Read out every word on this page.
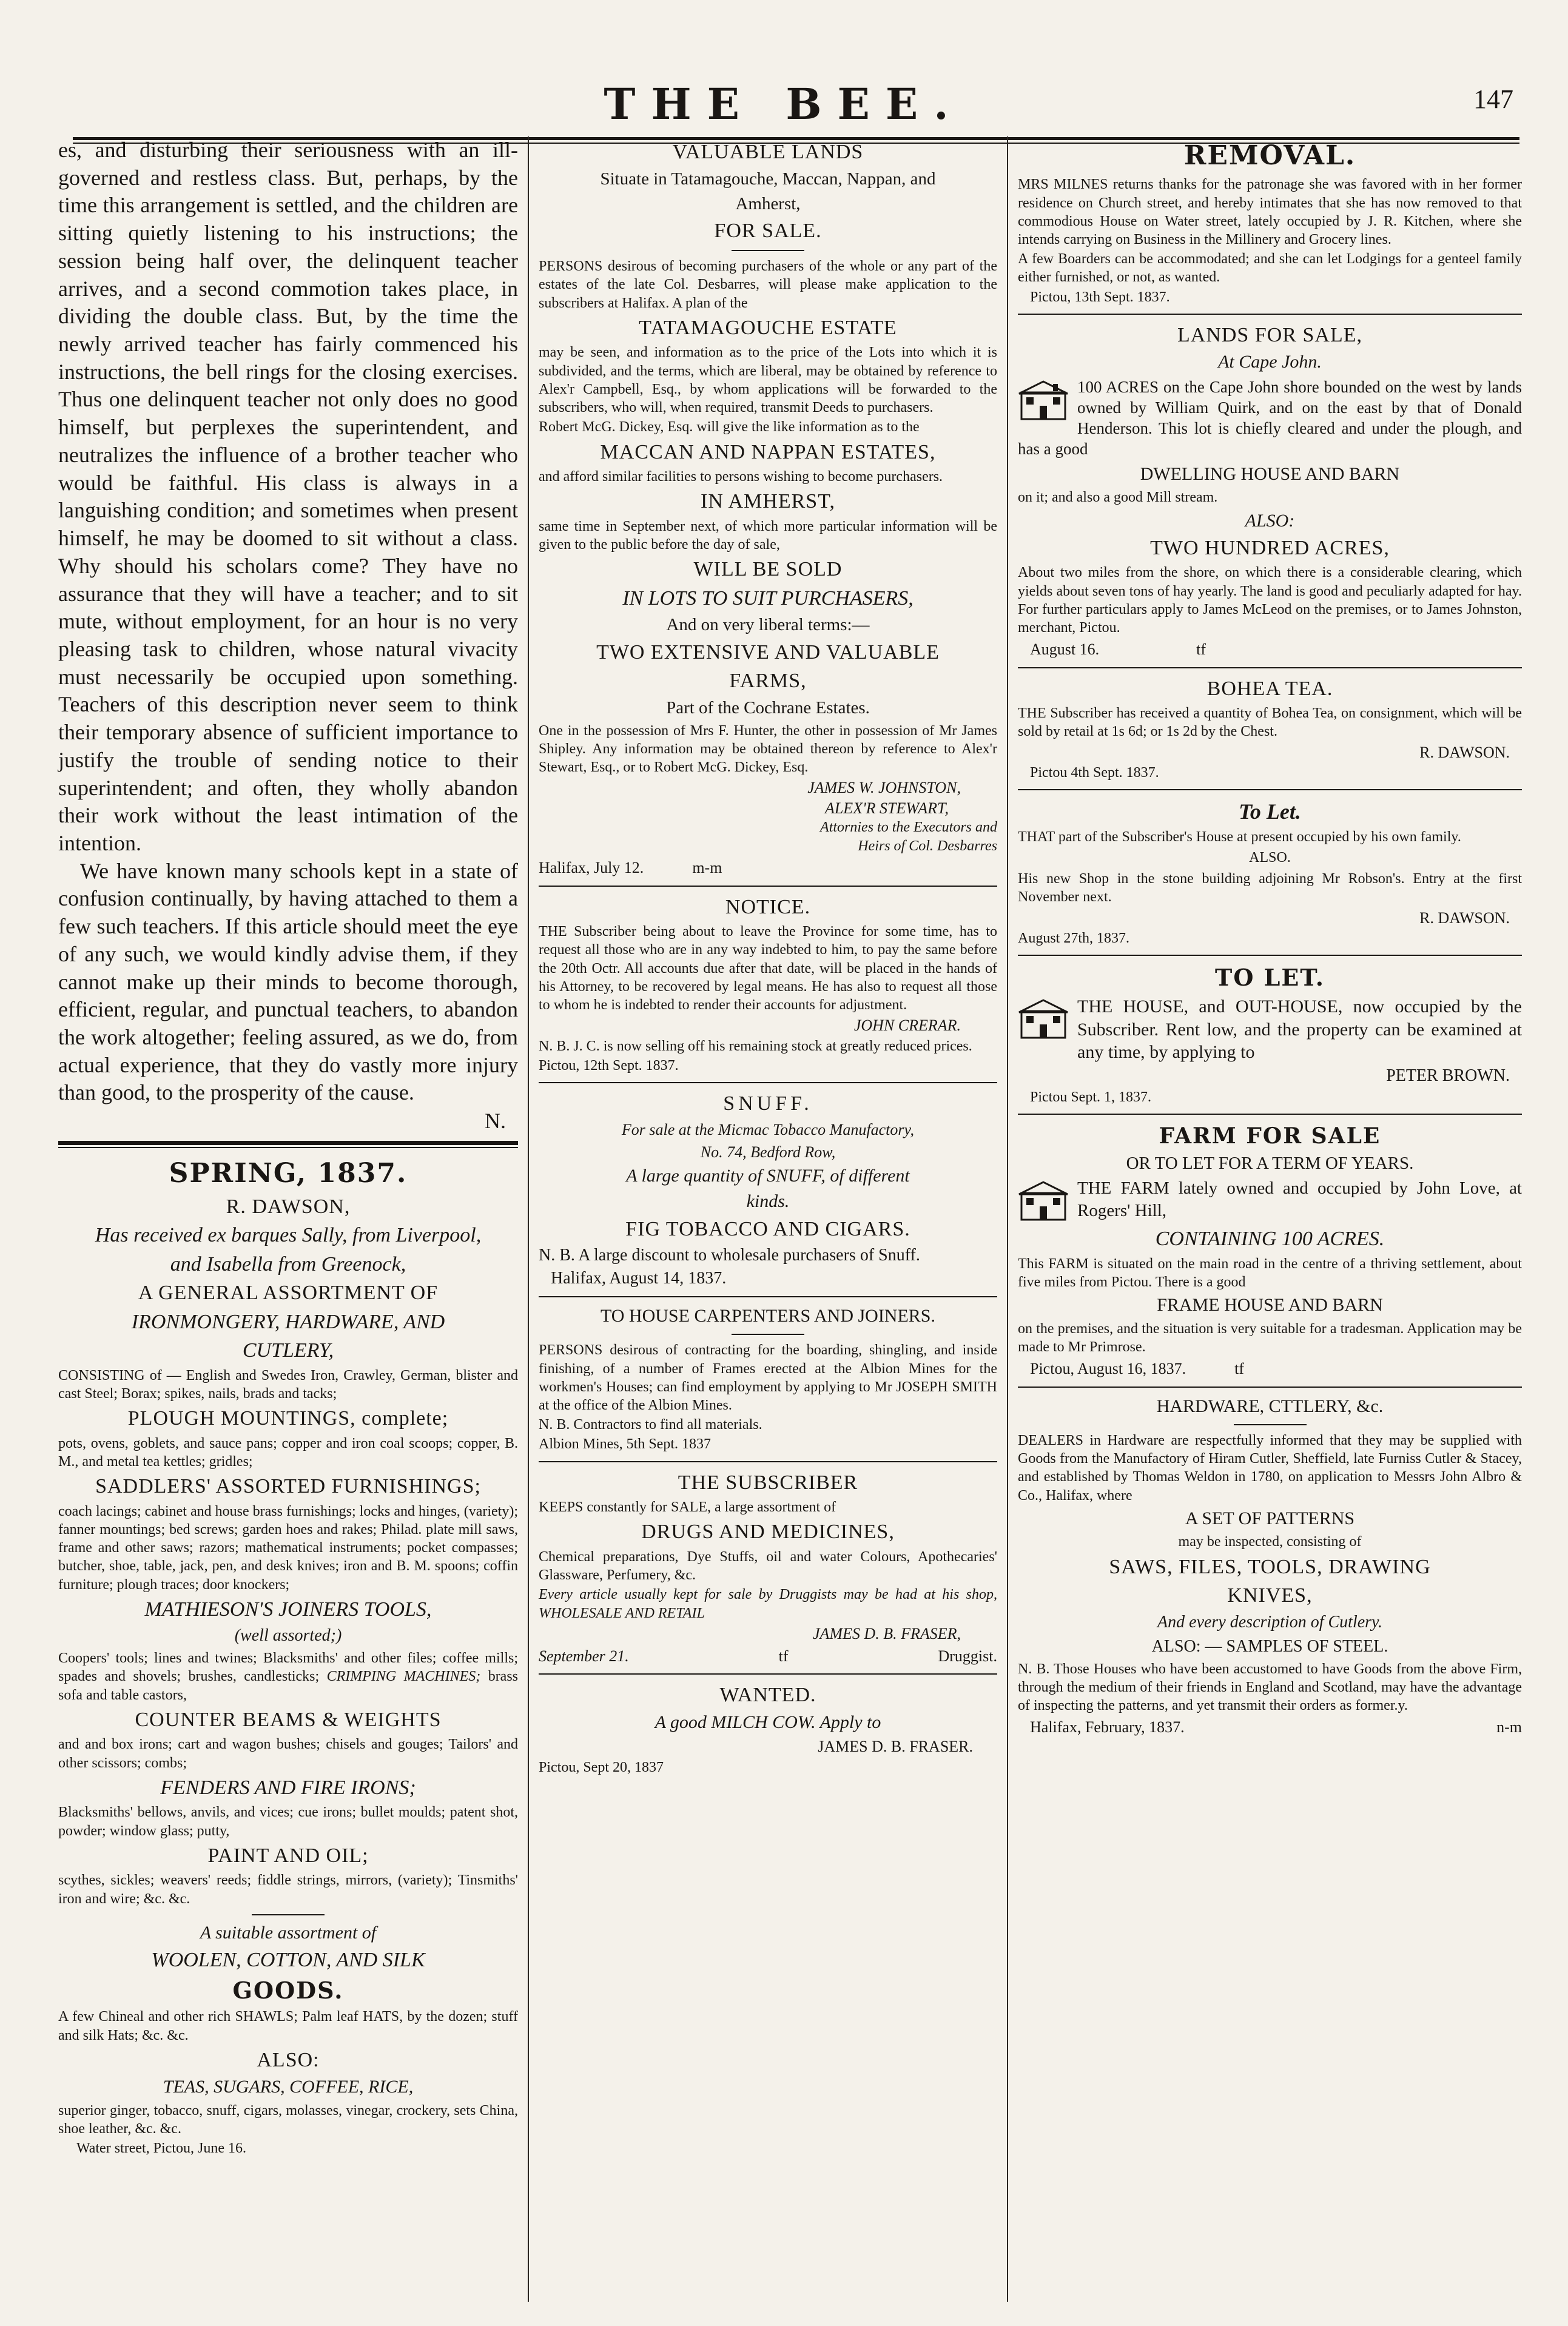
THE BEE.	147

es, and disturbing their seriousness with an ill-governed and restless class. But, perhaps, by the time this arrangement is settled, and the children are sitting quietly listening to his instructions; the session being half over, the delinquent teacher arrives, and a second commotion takes place, in dividing the double class. But, by the time the newly arrived teacher has fairly commenced his instructions, the bell rings for the closing exercises. Thus one delinquent teacher not only does no good himself, but perplexes the superintendent, and neutralizes the influence of a brother teacher who would be faithful. His class is always in a languishing condition; and sometimes when present himself, he may be doomed to sit without a class. Why should his scholars come? They have no assurance that they will have a teacher; and to sit mute, without employment, for an hour is no very pleasing task to children, whose natural vivacity must necessarily be occupied upon something. Teachers of this description never seem to think their temporary absence of sufficient importance to justify the trouble of sending notice to their superintendent; and often, they wholly abandon their work without the least intimation of the intention.

We have known many schools kept in a state of confusion continually, by having attached to them a few such teachers. If this article should meet the eye of any such, we would kindly advise them, if they cannot make up their minds to become thorough, efficient, regular, and punctual teachers, to abandon the work altogether; feeling assured, as we do, from actual experience, that they do vastly more injury than good, to the prosperity of the cause.

N.
SPRING, 1837.
R. DAWSON,
Has received ex barques Sally, from Liverpool,
and Isabella from Greenock,
A GENERAL ASSORTMENT OF
IRONMONGERY, HARDWARE, AND
CUTLERY,

CONSISTING of — English and Swedes Iron, Crawley, German, blister and cast Steel; Borax; spikes, nails, brads and tacks;

PLOUGH MOUNTINGS, complete;

pots, ovens, goblets, and sauce pans; copper and iron coal scoops; copper, B. M., and metal tea kettles; gridles;

SADDLERS' ASSORTED FURNISHINGS;

coach lacings; cabinet and house brass furnishings; locks and hinges, (variety); fanner mountings; bed screws; garden hoes and rakes; Philad. plate mill saws, frame and other saws; razors; mathematical instruments; pocket compasses; butcher, shoe, table, jack, pen, and desk knives; iron and B. M. spoons; coffin furniture; plough traces; door knockers;

MATHIESON'S JOINERS TOOLS,
(well assorted;)

Coopers' tools; lines and twines; Blacksmiths' and other files; coffee mills; spades and shovels; brushes, candlesticks; CRIMPING MACHINES; brass sofa and table castors,

COUNTER BEAMS & WEIGHTS

and and box irons; cart and wagon bushes; chisels and gouges; Tailors' and other scissors; combs;

FENDERS AND FIRE IRONS;

Blacksmiths' bellows, anvils, and vices; cue irons; bullet moulds; patent shot, powder; window glass; putty,

PAINT AND OIL;

scythes, sickles; weavers' reeds; fiddle strings, mirrors, (variety); Tinsmiths' iron and wire; &c. &c.

A suitable assortment of
WOOLEN, COTTON, AND SILK
GOODS.

A few Chineal and other rich SHAWLS; Palm leaf HATS, by the dozen; stuff and silk Hats; &c. &c.

ALSO:
TEAS, SUGARS, COFFEE, RICE,

superior ginger, tobacco, snuff, cigars, molasses, vinegar, crockery, sets China, shoe leather, &c. &c.

Water street, Pictou, June 16.
VALUABLE LANDS
Situate in Tatamagouche, Maccan, Nappan, and
Amherst,
FOR SALE.

PERSONS desirous of becoming purchasers of the whole or any part of the estates of the late Col. Desbarres, will please make application to the subscribers at Halifax. A plan of the

TATAMAGOUCHE ESTATE

may be seen, and information as to the price of the Lots into which it is subdivided, and the terms, which are liberal, may be obtained by reference to Alex'r Campbell, Esq., by whom applications will be forwarded to the subscribers, who will, when required, transmit Deeds to purchasers.

Robert McG. Dickey, Esq. will give the like information as to the

MACCAN AND NAPPAN ESTATES,

and afford similar facilities to persons wishing to become purchasers.

IN AMHERST,

same time in September next, of which more particular information will be given to the public before the day of sale,

WILL BE SOLD
IN LOTS TO SUIT PURCHASERS,
And on very liberal terms:—
TWO EXTENSIVE AND VALUABLE
FARMS,
Part of the Cochrane Estates.

One in the possession of Mrs F. Hunter, the other in possession of Mr James Shipley. Any information may be obtained thereon by reference to Alex'r Stewart, Esq., or to Robert McG. Dickey, Esq.

JAMES W. JOHNSTON,
ALEX'R STEWART,
Attornies to the Executors and
Heirs of Col. Desbarres
Halifax, July 12.	m-m
NOTICE.

THE Subscriber being about to leave the Province for some time, has to request all those who are in any way indebted to him, to pay the same before the 20th Octr. All accounts due after that date, will be placed in the hands of his Attorney, to be recovered by legal means. He has also to request all those to whom he is indebted to render their accounts for adjustment.

JOHN CRERAR.

N. B. J. C. is now selling off his remaining stock at greatly reduced prices.

Pictou, 12th Sept. 1837.
SNUFF.
For sale at the Micmac Tobacco Manufactory,
No. 74, Bedford Row,
A large quantity of SNUFF, of different
kinds.
FIG TOBACCO AND CIGARS.

N. B. A large discount to wholesale purchasers of Snuff.

Halifax, August 14, 1837.
TO HOUSE CARPENTERS AND JOINERS.

PERSONS desirous of contracting for the boarding, shingling, and inside finishing, of a number of Frames erected at the Albion Mines for the workmen's Houses; can find employment by applying to Mr JOSEPH SMITH at the office of the Albion Mines.

N. B. Contractors to find all materials.

Albion Mines, 5th Sept. 1837
THE SUBSCRIBER

KEEPS constantly for SALE, a large assortment of

DRUGS AND MEDICINES,

Chemical preparations, Dye Stuffs, oil and water Colours, Apothecaries' Glassware, Perfumery, &c.

Every article usually kept for sale by Druggists may be had at his shop, WHOLESALE AND RETAIL

JAMES D. B. FRASER,
September 21.	tf	Druggist.
WANTED.
A good MILCH COW. Apply to
JAMES D. B. FRASER.
Pictou, Sept 20, 1837
REMOVAL.

MRS MILNES returns thanks for the patronage she was favored with in her former residence on Church street, and hereby intimates that she has now removed to that commodious House on Water street, lately occupied by J. R. Kitchen, where she intends carrying on Business in the Millinery and Grocery lines.

A few Boarders can be accommodated; and she can let Lodgings for a genteel family either furnished, or not, as wanted.

Pictou, 13th Sept. 1837.
LANDS FOR SALE,
At Cape John.

100 ACRES on the Cape John shore bounded on the west by lands owned by William Quirk, and on the east by that of Donald Henderson. This lot is chiefly cleared and under the plough, and has a good

DWELLING HOUSE AND BARN

on it; and also a good Mill stream.

ALSO:
TWO HUNDRED ACRES,

About two miles from the shore, on which there is a considerable clearing, which yields about seven tons of hay yearly. The land is good and peculiarly adapted for hay. For further particulars apply to James McLeod on the premises, or to James Johnston, merchant, Pictou.

August 16.	tf
BOHEA TEA.

THE Subscriber has received a quantity of Bohea Tea, on consignment, which will be sold by retail at 1s 6d; or 1s 2d by the Chest.

R. DAWSON.
Pictou 4th Sept. 1837.
To Let.

THAT part of the Subscriber's House at present occupied by his own family.

ALSO.

His new Shop in the stone building adjoining Mr Robson's. Entry at the first November next.

R. DAWSON.
August 27th, 1837.
TO LET.

THE HOUSE, and OUT-HOUSE, now occupied by the Subscriber. Rent low, and the property can be examined at any time, by applying to

PETER BROWN.
Pictou Sept. 1, 1837.
FARM FOR SALE
OR TO LET FOR A TERM OF YEARS.

THE FARM lately owned and occupied by John Love, at Rogers' Hill,

CONTAINING 100 ACRES.

This FARM is situated on the main road in the centre of a thriving settlement, about five miles from Pictou. There is a good

FRAME HOUSE AND BARN

on the premises, and the situation is very suitable for a tradesman. Application may be made to Mr Primrose.

Pictou, August 16, 1837.	tf
HARDWARE, CTTLERY, &c.

DEALERS in Hardware are respectfully informed that they may be supplied with Goods from the Manufactory of Hiram Cutler, Sheffield, late Furniss Cutler & Stacey, and established by Thomas Weldon in 1780, on application to Messrs John Albro & Co., Halifax, where

A SET OF PATTERNS
may be inspected, consisting of
SAWS, FILES, TOOLS, DRAWING
KNIVES,
And every description of Cutlery.
ALSO: — SAMPLES OF STEEL.

N. B. Those Houses who have been accustomed to have Goods from the above Firm, through the medium of their friends in England and Scotland, may have the advantage of inspecting the patterns, and yet transmit their orders as former.y.

Halifax, February, 1837.	n-m
